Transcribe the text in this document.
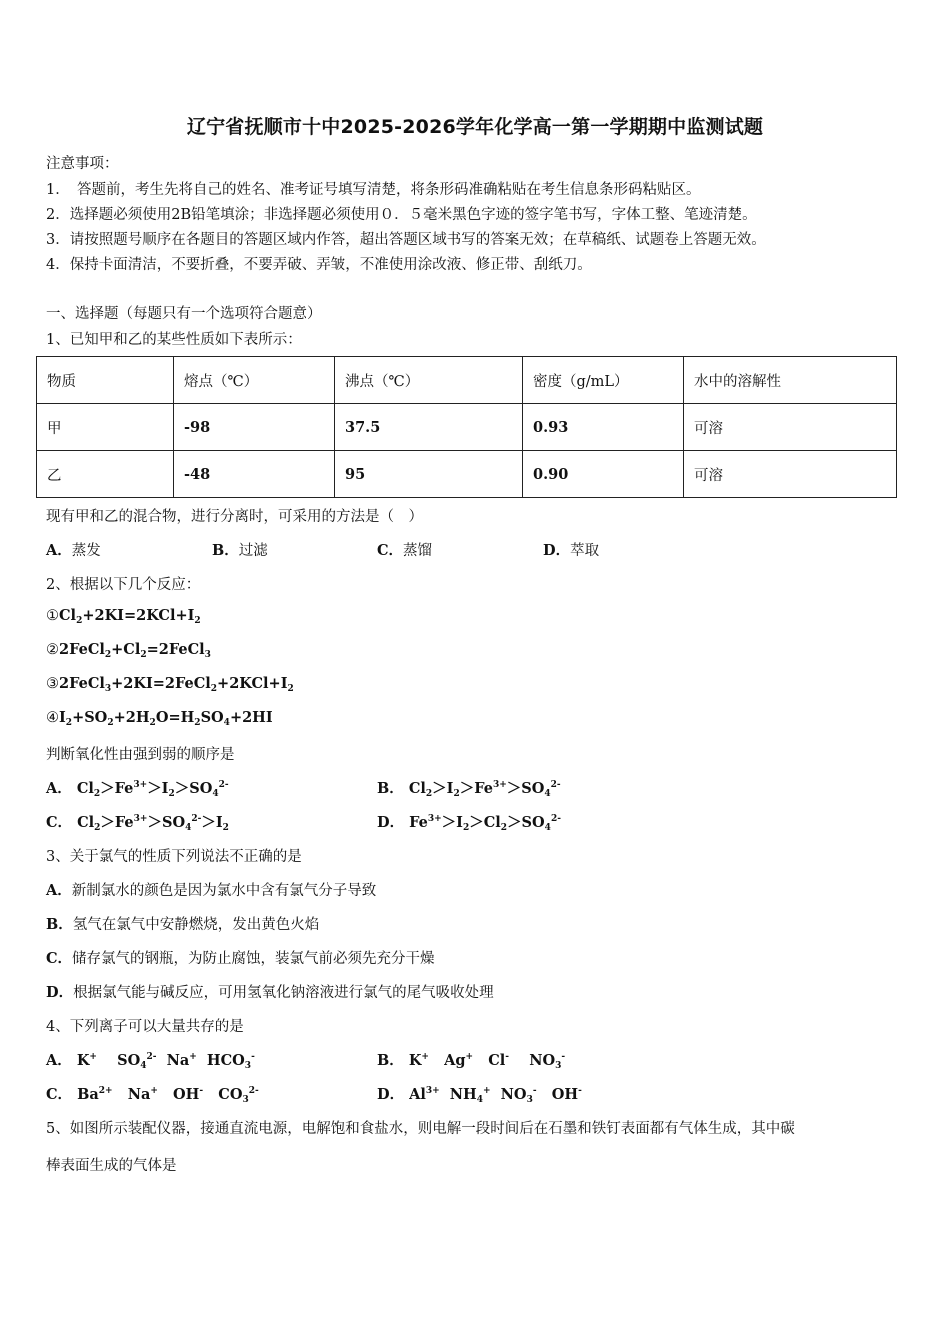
辽宁省抚顺市十中2025-2026学年化学高一第一学期期中监测试题
注意事项：
1．　答题前，考生先将自己的姓名、准考证号填写清楚，将条形码准确粘贴在考生信息条形码粘贴区。
2．选择题必须使用2B铅笔填涂；非选择题必须使用０．５毫米黑色字迹的签字笔书写，字体工整、笔迹清楚。
3．请按照题号顺序在各题目的答题区域内作答，超出答题区域书写的答案无效；在草稿纸、试题卷上答题无效。
4．保持卡面清洁，不要折叠，不要弄破、弄皱，不准使用涂改液、修正带、刮纸刀。
一、选择题（每题只有一个选项符合题意）
1、已知甲和乙的某些性质如下表所示：
物质	熔点（℃）	沸点（℃）	密度（g/mL）	水中的溶解性
甲	-98	37.5	0.93	可溶
乙	-48	95	0.90	可溶
现有甲和乙的混合物，进行分离时，可采用的方法是（　）
A．蒸发	B．过滤	C．蒸馏	D．萃取
2、根据以下几个反应：
$①Cl_2+2KI=2KCl+I_2$
$②2FeCl_2+Cl_2=2FeCl_3$
$③2FeCl_3+2KI=2FeCl_2+2KCl+I_2$
$④I_2+SO_2+2H_2O=H_2SO_4+2HI$
判断氧化性由强到弱的顺序是
A． $Cl_2>Fe^{3+}>I_2>SO_4^{2-}$	B． $Cl_2>I_2>Fe^{3+}>SO_4^{2-}$
C． $Cl_2>Fe^{3+}>SO_4^{2-}>I_2$	D． $Fe^{3+}>I_2>Cl_2>SO_4^{2-}$
3、关于氯气的性质下列说法不正确的是
A．新制氯水的颜色是因为氯水中含有氯气分子导致
B．氢气在氯气中安静燃烧，发出黄色火焰
C．储存氯气的钢瓶，为防止腐蚀，装氯气前必须先充分干燥
D．根据氯气能与碱反应，可用氢氧化钠溶液进行氯气的尾气吸收处理
4、下列离子可以大量共存的是
A． K+    $SO_4^{2-}$  Na+  $HCO_3^-$	B． K+   Ag+   Cl-    $NO_3^-$
C． $Ba^{2+}$   Na+   OH-   $CO_3^{2-}$	D． $Al^{3+}$  $NH_4^+$  $NO_3^-$   OH-
5、如图所示装配仪器，接通直流电源，电解饱和食盐水，则电解一段时间后在石墨和铁钉表面都有气体生成，其中碳
棒表面生成的气体是
